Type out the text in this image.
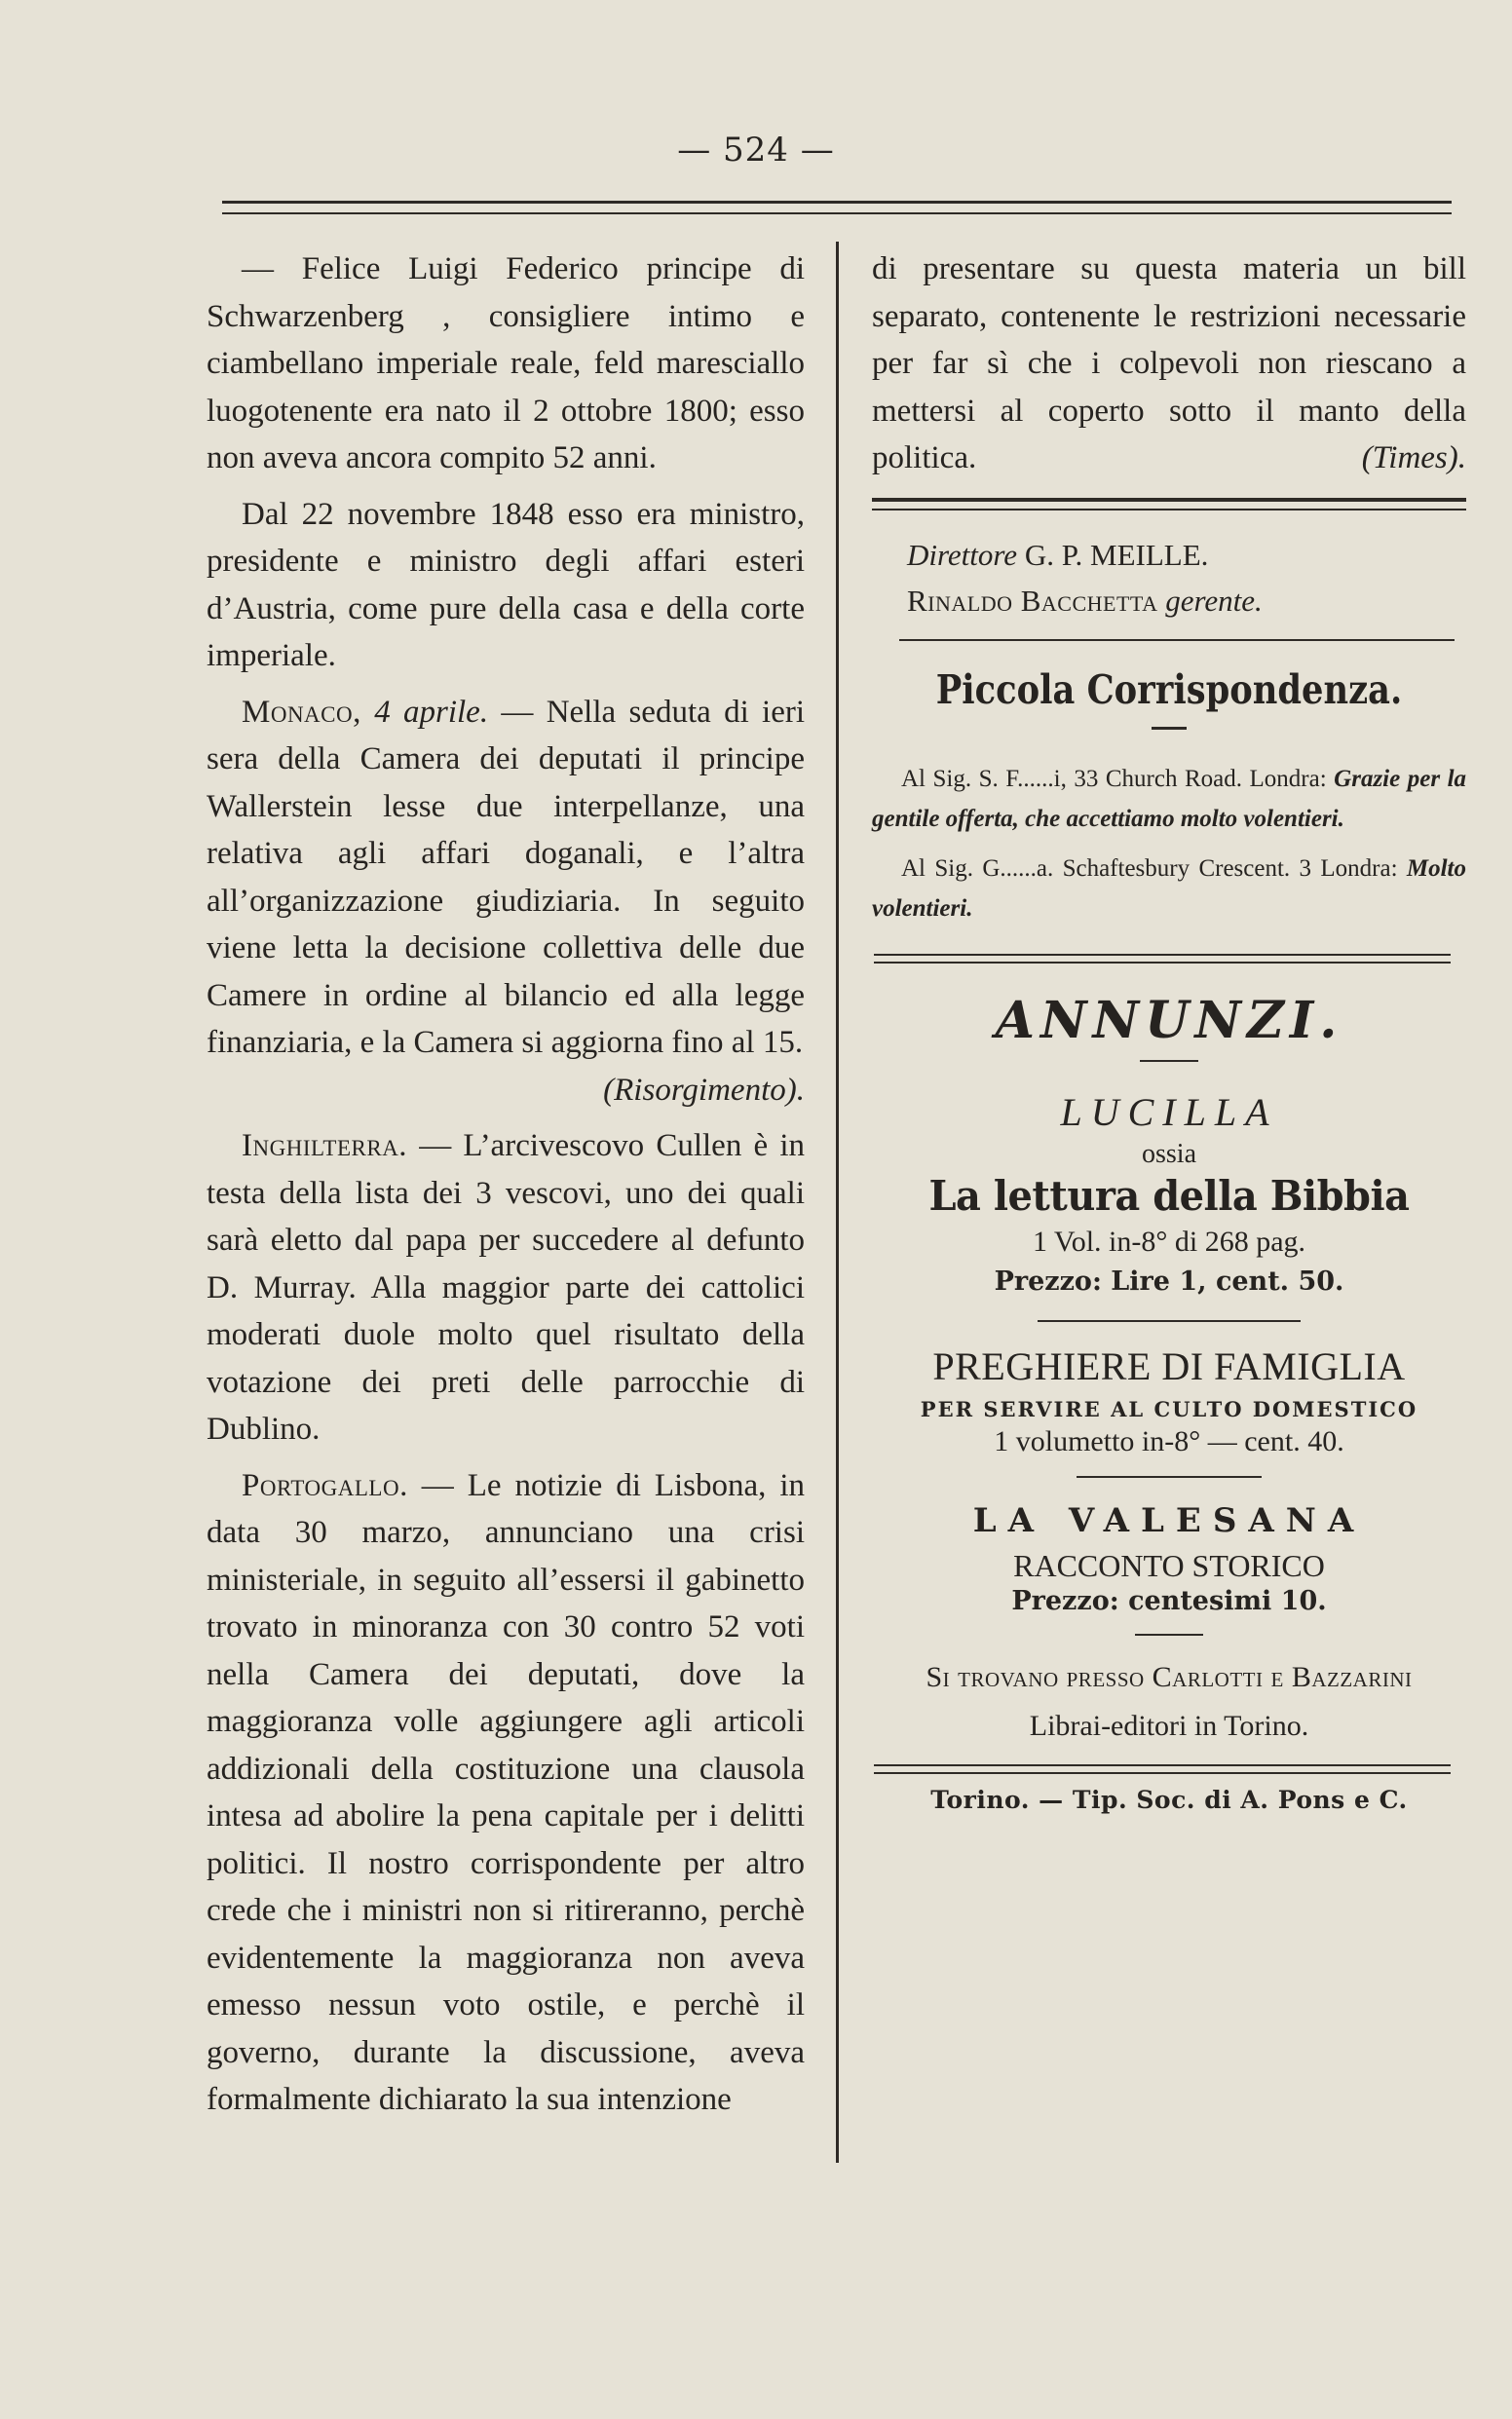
— 524 —

— Felice Luigi Federico principe di Schwarzenberg , consigliere intimo e ciambellano imperiale reale, feld maresciallo luogotenente era nato il 2 ottobre 1800; esso non aveva ancora compito 52 anni.

Dal 22 novembre 1848 esso era ministro, presidente e ministro degli affari esteri d’Austria, come pure della casa e della corte imperiale.

Monaco, 4 aprile. — Nella seduta di ieri sera della Camera dei deputati il principe Wallerstein lesse due interpellanze, una relativa agli affari doganali, e l’altra all’organizzazione giudiziaria. In seguito viene letta la decisione collettiva delle due Camere in ordine al bilancio ed alla legge finanziaria, e la Camera si aggiorna fino al 15.
(Risorgimento).

Inghilterra. — L’arcivescovo Cullen è in testa della lista dei 3 vescovi, uno dei quali sarà eletto dal papa per succedere al defunto D. Murray. Alla maggior parte dei cattolici moderati duole molto quel risultato della votazione dei preti delle parrocchie di Dublino.

Portogallo. — Le notizie di Lisbona, in data 30 marzo, annunciano una crisi ministeriale, in seguito all’essersi il gabinetto trovato in minoranza con 30 contro 52 voti nella Camera dei deputati, dove la maggioranza volle aggiungere agli articoli addizionali della costituzione una clausola intesa ad abolire la pena capitale per i delitti politici. Il nostro corrispondente per altro crede che i ministri non si ritireranno, perchè evidentemente la maggioranza non aveva emesso nessun voto ostile, e perchè il governo, durante la discussione, aveva formalmente dichiarato la sua intenzione

di presentare su questa materia un bill separato, contenente le restrizioni necessarie per far sì che i colpevoli non riescano a mettersi al coperto sotto il manto della politica.	(Times).

Direttore G. P. MEILLE.

Rinaldo Bacchetta gerente.

Piccola Corrispondenza.

Al Sig. S. F......i, 33 Church Road. Londra: Grazie per la gentile offerta, che accettiamo molto volentieri.

Al Sig. G......a. Schaftesbury Crescent. 3 Londra: Molto volentieri.

ANNUNZI.

LUCILLA

ossia

La lettura della Bibbia

1 Vol. in-8° di 268 pag.

Prezzo: Lire 1, cent. 50.

PREGHIERE DI FAMIGLIA

PER SERVIRE AL CULTO DOMESTICO

1 volumetto in-8° — cent. 40.

LA VALESANA

RACCONTO STORICO

Prezzo: centesimi 10.

Si trovano presso Carlotti e Bazzarini

Librai-editori in Torino.

Torino. — Tip. Soc. di A. Pons e C.
